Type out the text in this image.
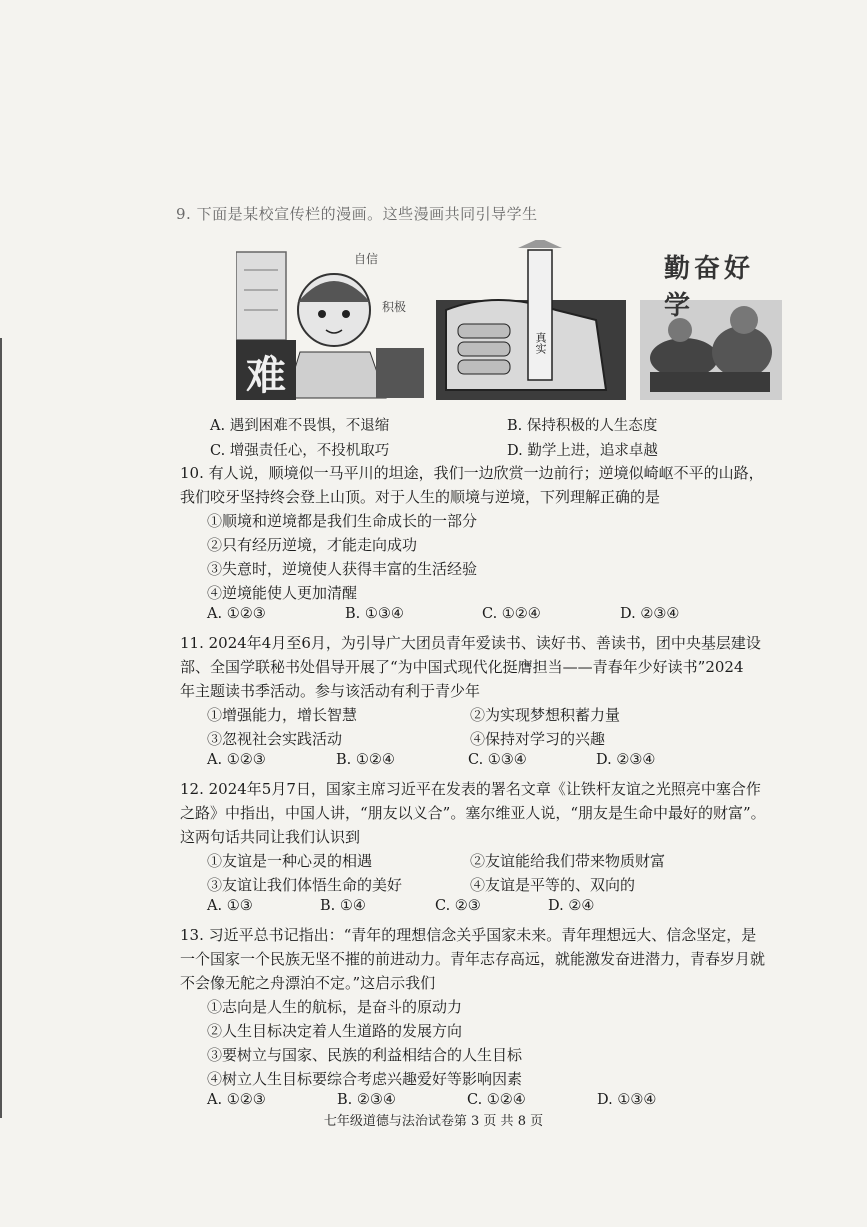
9. 下面是某校宣传栏的漫画。这些漫画共同引导学生
自信
积极
难
真实
勤奋好学
A. 遇到困难不畏惧，不退缩	B. 保持积极的人生态度
C. 增强责任心，不投机取巧	D. 勤学上进，追求卓越
10. 有人说，顺境似一马平川的坦途，我们一边欣赏一边前行；逆境似崎岖不平的山路，
我们咬牙坚持终会登上山顶。对于人生的顺境与逆境，下列理解正确的是
①顺境和逆境都是我们生命成长的一部分
②只有经历逆境，才能走向成功
③失意时，逆境使人获得丰富的生活经验
④逆境能使人更加清醒
A. ①②③	B. ①③④	C. ①②④	D. ②③④
11. 2024年4月至6月，为引导广大团员青年爱读书、读好书、善读书，团中央基层建设
部、全国学联秘书处倡导开展了“为中国式现代化挺膺担当——青春年少好读书”2024
年主题读书季活动。参与该活动有利于青少年
①增强能力，增长智慧	②为实现梦想积蓄力量
③忽视社会实践活动	④保持对学习的兴趣
A. ①②③	B. ①②④	C. ①③④	D. ②③④
12. 2024年5月7日，国家主席习近平在发表的署名文章《让铁杆友谊之光照亮中塞合作
之路》中指出，中国人讲，“朋友以义合”。塞尔维亚人说，“朋友是生命中最好的财富”。
这两句话共同让我们认识到
①友谊是一种心灵的相遇	②友谊能给我们带来物质财富
③友谊让我们体悟生命的美好	④友谊是平等的、双向的
A. ①③	B. ①④	C. ②③	D. ②④
13. 习近平总书记指出：“青年的理想信念关乎国家未来。青年理想远大、信念坚定，是
一个国家一个民族无坚不摧的前进动力。青年志存高远，就能激发奋进潜力，青春岁月就
不会像无舵之舟漂泊不定。”这启示我们
①志向是人生的航标，是奋斗的原动力
②人生目标决定着人生道路的发展方向
③要树立与国家、民族的利益相结合的人生目标
④树立人生目标要综合考虑兴趣爱好等影响因素
A. ①②③	B. ②③④	C. ①②④	D. ①③④
七年级道德与法治试卷第 3 页 共 8 页
